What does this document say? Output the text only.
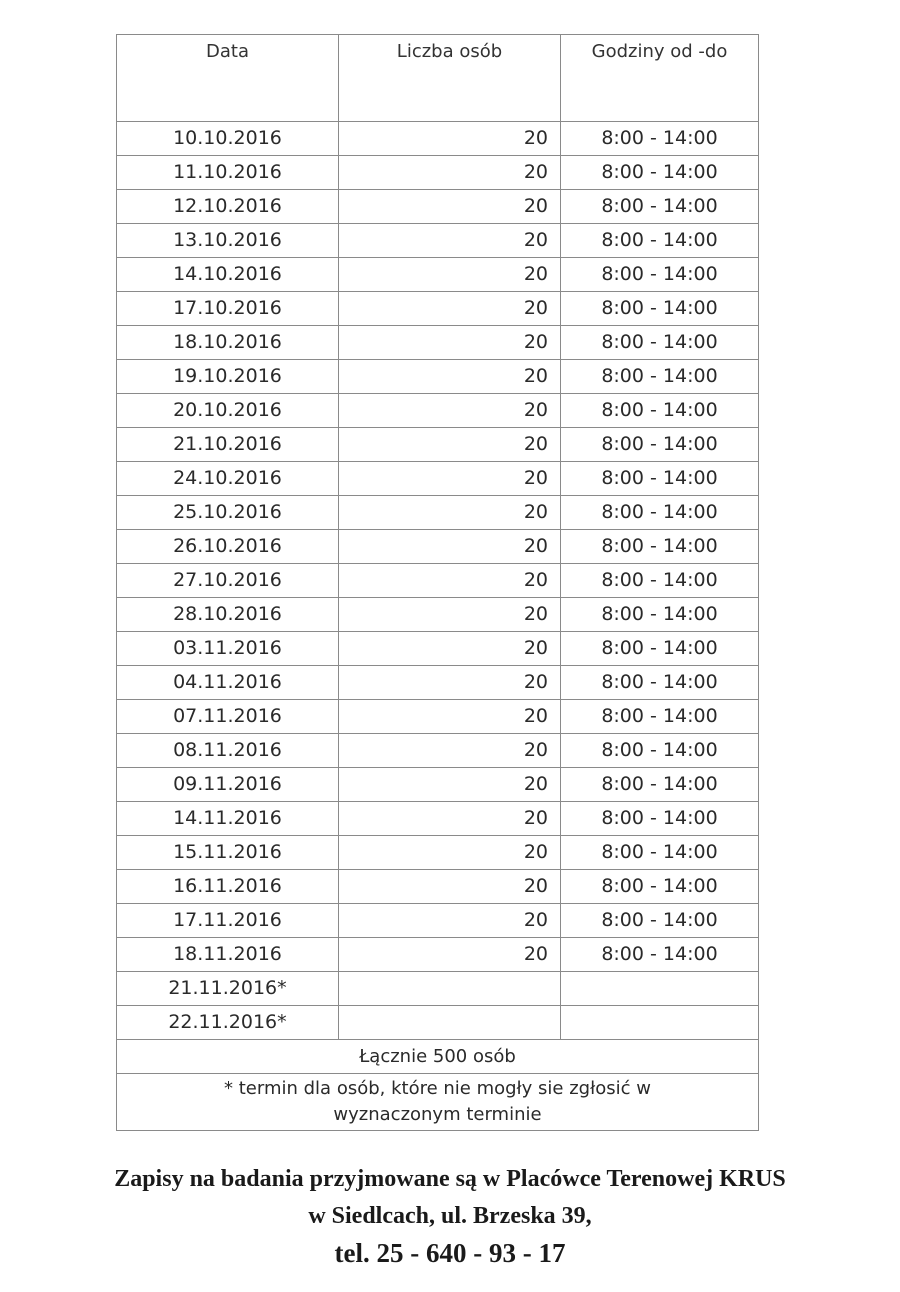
Data	Liczba osób	Godziny od -do
10.10.2016	20	8:00 - 14:00
11.10.2016	20	8:00 - 14:00
12.10.2016	20	8:00 - 14:00
13.10.2016	20	8:00 - 14:00
14.10.2016	20	8:00 - 14:00
17.10.2016	20	8:00 - 14:00
18.10.2016	20	8:00 - 14:00
19.10.2016	20	8:00 - 14:00
20.10.2016	20	8:00 - 14:00
21.10.2016	20	8:00 - 14:00
24.10.2016	20	8:00 - 14:00
25.10.2016	20	8:00 - 14:00
26.10.2016	20	8:00 - 14:00
27.10.2016	20	8:00 - 14:00
28.10.2016	20	8:00 - 14:00
03.11.2016	20	8:00 - 14:00
04.11.2016	20	8:00 - 14:00
07.11.2016	20	8:00 - 14:00
08.11.2016	20	8:00 - 14:00
09.11.2016	20	8:00 - 14:00
14.11.2016	20	8:00 - 14:00
15.11.2016	20	8:00 - 14:00
16.11.2016	20	8:00 - 14:00
17.11.2016	20	8:00 - 14:00
18.11.2016	20	8:00 - 14:00
21.11.2016*		
22.11.2016*		
Łącznie 500 osób		

* termin dla osób, które nie mogły sie zgłosić w
wyznaczonym terminie		
Zapisy na badania przyjmowane są w Placówce Terenowej KRUS
w Siedlcach, ul. Brzeska 39,
tel. 25 - 640 - 93 - 17
